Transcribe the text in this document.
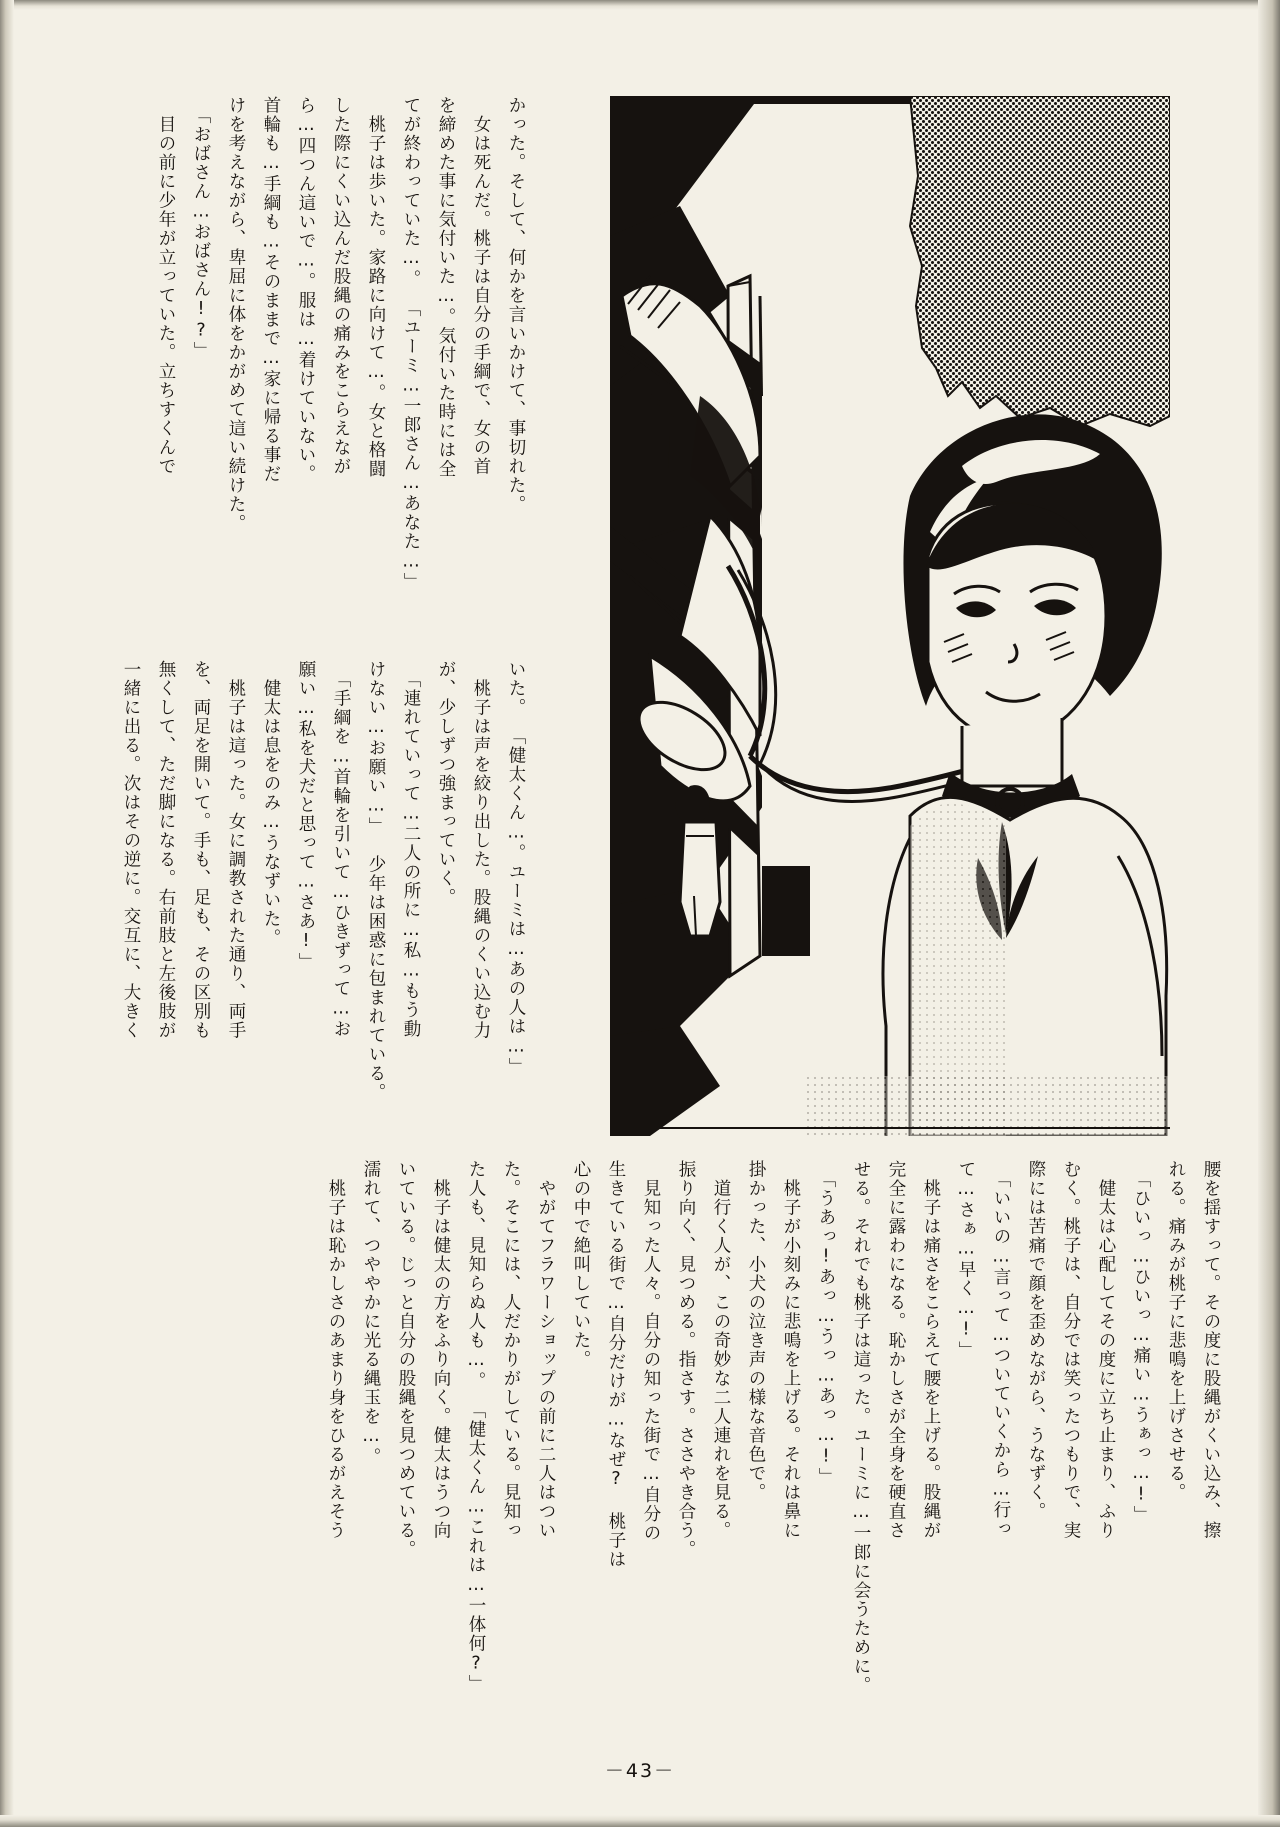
かった。そして、何かを言いかけて、事切れた。　女は死んだ。桃子は自分の手綱で、女の首を締めた事に気付いた…。気付いた時には全てが終わっていた…。　「ユーミ…一郎さん…あなた…」　桃子は歩いた。家路に向けて…。女と格闘した際にくい込んだ股縄の痛みをこらえながら…四つん這いで…。服は…着けていない。首輪も…手綱も…そのままで…家に帰る事だけを考えながら、卑屈に体をかがめて這い続けた。　「おばさん…おばさん!?」　目の前に少年が立っていた。立ちすくんで
いた。　「健太くん…。ユーミは…あの人は…」　桃子は声を絞り出した。股縄のくい込む力が、少しずつ強まっていく。　「連れていって…二人の所に…私…もう動けない…お願い…」　少年は困惑に包まれている。　「手綱を…首輪を引いて…ひきずって…お願い…私を犬だと思って…さあ!」　健太は息をのみ…うなずいた。　桃子は這った。女に調教された通り、両手を、両足を開いて。手も、足も、その区別も無くして、ただ脚になる。右前肢と左後肢が一緒に出る。次はその逆に。交互に、大きく
腰を揺すって。その度に股縄がくい込み、擦れる。痛みが桃子に悲鳴を上げさせる。　「ひいっ…ひいっ…痛い…うぁっ…!」　健太は心配してその度に立ち止まり、ふりむく。桃子は、自分では笑ったつもりで、実際には苦痛で顔を歪めながら、うなずく。　「いいの…言って…ついていくから…行って…さぁ…早く…!」　桃子は痛さをこらえて腰を上げる。股縄が完全に露わになる。恥かしさが全身を硬直させる。それでも桃子は這った。ユーミに…一郎に会うために。　「うあっ!あっ…うっ…あっ…!」　桃子が小刻みに悲鳴を上げる。それは鼻に掛かった、小犬の泣き声の様な音色で。　道行く人が、この奇妙な二人連れを見る。振り向く、見つめる。指さす。ささやき合う。　見知った人々。自分の知った街で…自分の生きている街で…自分だけが…なぜ? 桃子は心の中で絶叫していた。　やがてフラワーショップの前に二人はついた。そこには、人だかりがしている。見知った人も、見知らぬ人も…。　「健太くん…これは…一体何?」　桃子は健太の方をふり向く。健太はうつ向いている。じっと自分の股縄を見つめている。濡れて、つややかに光る縄玉を…。　桃子は恥かしさのあまり身をひるがえそう
－43－
